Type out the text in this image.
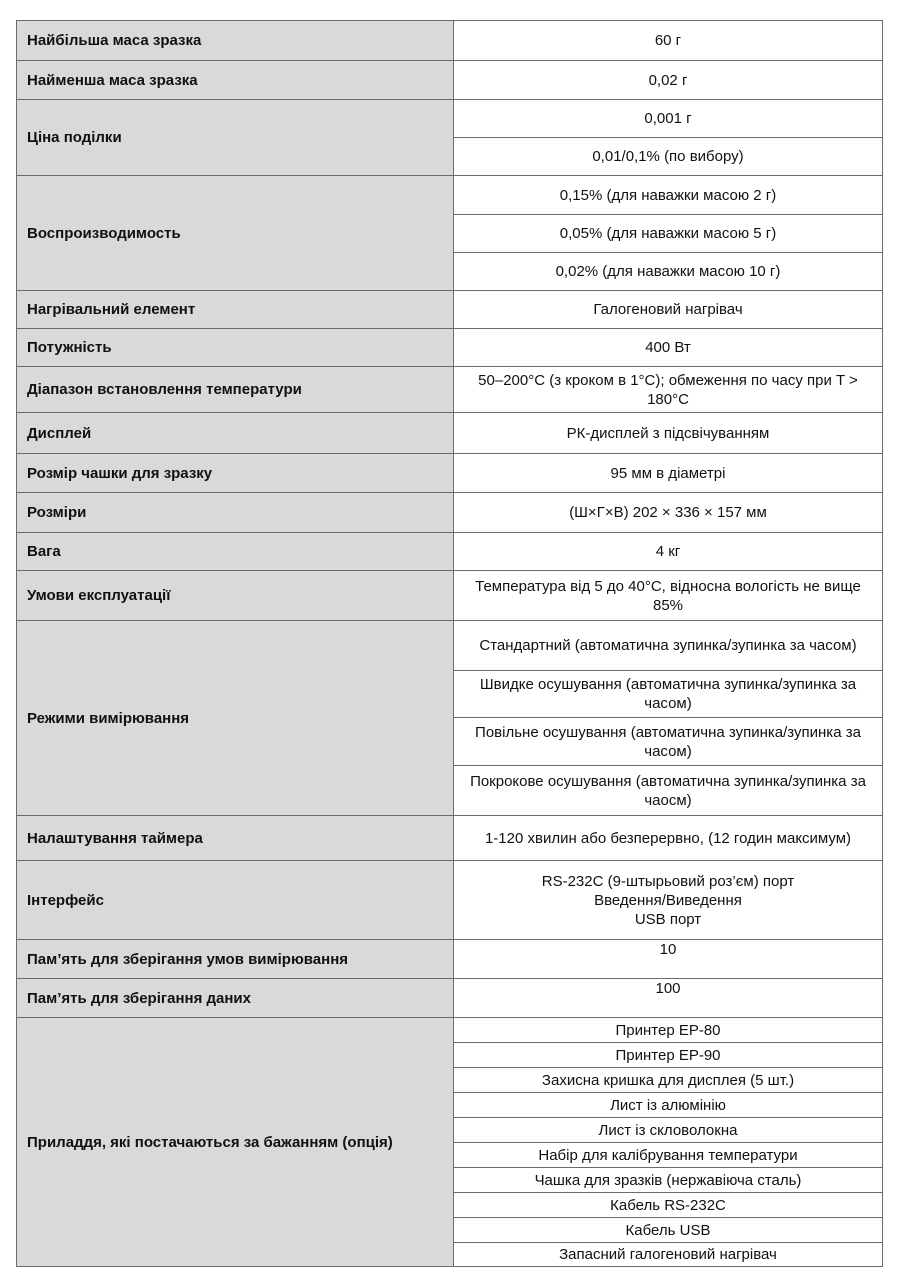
Найбільша маса зразка	60 г
Найменша маса зразка	0,02 г
Ціна поділки	0,001 г
	0,01/0,1% (по вибору)
Воспроизводимость	0,15% (для наважки масою 2 г)
	0,05% (для наважки масою 5 г)
	0,02% (для наважки масою 10 г)
Нагрівальний елемент	Галогеновий нагрівач
Потужність	400 Вт
Діапазон встановлення температури	50–200°C (з кроком в 1°C); обмеження по часу при T > 180°C
Дисплей	РК-дисплей з підсвічуванням
Розмір чашки для зразку	95 мм в діаметрі
Розміри	(Ш×Г×В) 202 × 336 × 157 мм
Вага	4 кг
Умови експлуатації	Температура від 5 до 40°C, відносна вологість не вище 85%
Режими вимірювання	Стандартний (автоматична зупинка/зупинка за часом)
	Швидке осушування (автоматична зупинка/зупинка за часом)
	Повільне осушування (автоматична зупинка/зупинка за часом)
	Покрокове осушування (автоматична зупинка/зупинка за чаосм)
Налаштування таймера	1-120 хвилин або безперервно, (12 годин максимум)
Інтерфейс	RS-232C (9-штырьовий роз’єм) порт
Введення/Виведення
USB порт
Пам’ять для зберігання умов вимірювання	10
Пам’ять для зберігання даних	100
Приладдя, які постачаються за бажанням (опція)	Принтер EP-80
	Принтер EP-90
	Захисна кришка для дисплея (5 шт.)
	Лист із алюмінію
	Лист із скловолокна
	Набір для калібрування температури
	Чашка для зразків (нержавіюча сталь)
	Кабель RS-232C
	Кабель USB
	Запасний галогеновий нагрівач
